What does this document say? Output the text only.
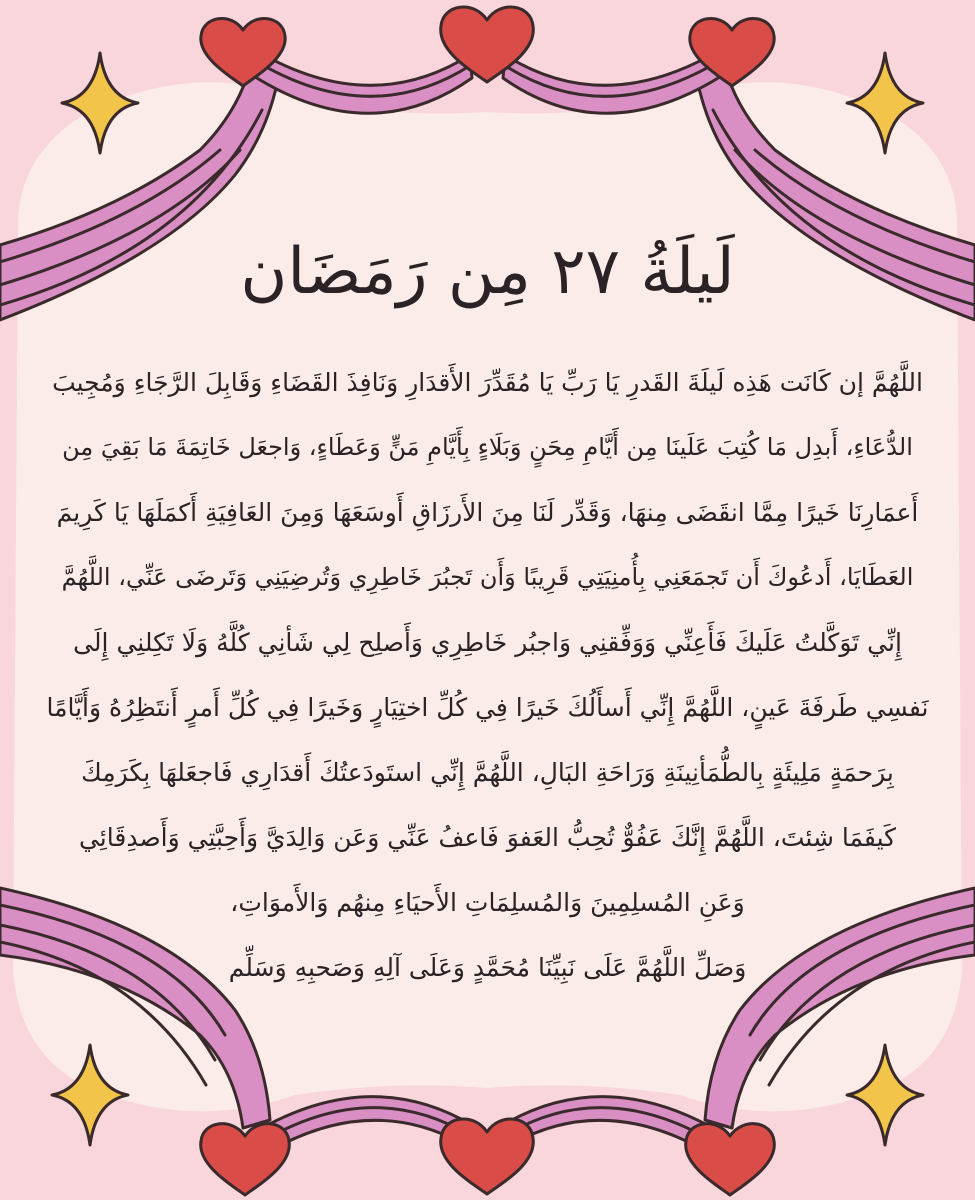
لَيلَةُ ٢٧ مِن رَمَضَان
اللَّهُمَّ إن كَانَت هَذِه لَيلَةَ القَدرِ يَا رَبِّ يَا مُقَدِّرَ الأَقدَارِ وَنَافِذَ القَضَاءِ وَقَابِلَ الرَّجَاءِ وَمُجِيبَ
الدُّعَاءِ، أَبدِل مَا كُتِبَ عَلَينَا مِن أَيَّامِ مِحَنٍ وَبَلَاءٍ بِأَيَّامِ مَنٍّ وَعَطَاءٍ، وَاجعَل خَاتِمَةَ مَا بَقِيَ مِن
أَعمَارِنَا خَيرًا مِمَّا انقَضَى مِنهَا، وَقَدِّر لَنَا مِنَ الأَرزَاقِ أَوسَعَهَا وَمِنَ العَافِيَةِ أَكمَلَهَا يَا كَرِيمَ
العَطَايَا، أَدعُوكَ أَن تَجمَعَنِي بِأُمنِيَتِي قَرِيبًا وَأَن تَجبُرَ خَاطِرِي وَتُرضِيَنِي وَتَرضَى عَنِّي، اللَّهُمَّ
إِنِّي تَوَكَّلتُ عَلَيكَ فَأَعِنِّي وَوَفِّقنِي وَاجبُر خَاطِرِي وَأَصلِح لِي شَأنِي كُلَّهُ وَلَا تَكِلنِي إِلَى
نَفسِي طَرفَةَ عَينٍ، اللَّهُمَّ إِنِّي أَسأَلُكَ خَيرًا فِي كُلِّ اختِيَارٍ وَخَيرًا فِي كُلِّ أَمرٍ أَنتَظِرُهُ وَأَيَّامًا
بِرَحمَةٍ مَلِيئَةٍ بِالطُّمَأنِينَةِ وَرَاحَةِ البَالِ، اللَّهُمَّ إِنِّي استَودَعتُكَ أَقدَارِي فَاجعَلهَا بِكَرَمِكَ
كَيفَمَا شِئتَ، اللَّهُمَّ إِنَّكَ عَفُوٌّ تُحِبُّ العَفوَ فَاعفُ عَنِّي وَعَن وَالِدَيَّ وَأَحِبَّتِي وَأَصدِقَائِي
وَعَنِ المُسلِمِينَ وَالمُسلِمَاتِ الأَحيَاءِ مِنهُم وَالأَموَاتِ،
وَصَلِّ اللَّهُمَّ عَلَى نَبِيِّنَا مُحَمَّدٍ وَعَلَى آلِهِ وَصَحبِهِ وَسَلِّم
